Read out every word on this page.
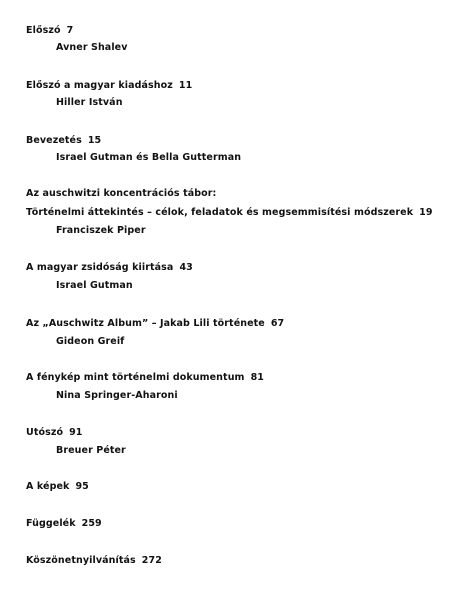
Előszó 7
Avner Shalev
Előszó a magyar kiadáshoz 11
Hiller István
Bevezetés 15
Israel Gutman és Bella Gutterman
Az auschwitzi koncentrációs tábor:
Történelmi áttekintés – célok, feladatok és megsemmisítési módszerek 19
Franciszek Piper
A magyar zsidóság kiirtása 43
Israel Gutman
Az „Auschwitz Album” – Jakab Lili története 67
Gideon Greif
A fénykép mint történelmi dokumentum 81
Nina Springer-Aharoni
Utószó 91
Breuer Péter
A képek 95
Függelék 259
Köszönetnyilvánítás 272
